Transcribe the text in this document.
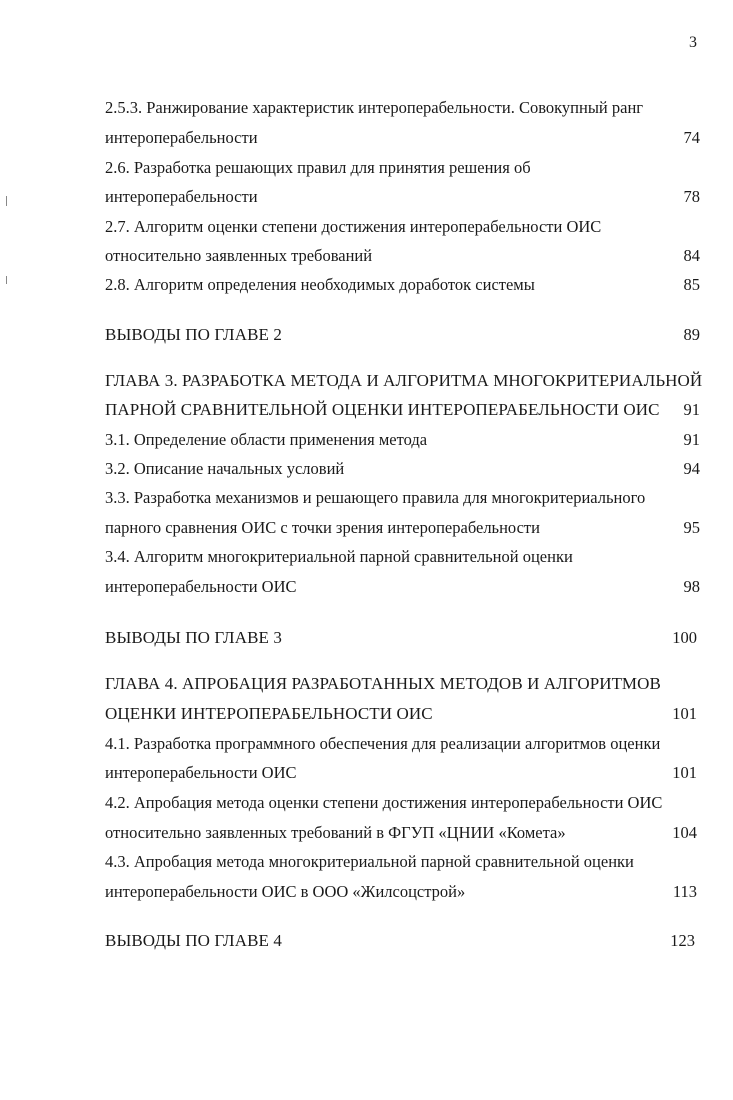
3
2.5.3. Ранжирование характеристик интероперабельности. Совокупный ранг
интероперабельности	74
2.6. Разработка решающих правил для принятия решения об
интероперабельности	78
2.7. Алгоритм оценки степени достижения интероперабельности ОИС
относительно заявленных требований	84
2.8. Алгоритм определения необходимых доработок системы	85
ВЫВОДЫ ПО ГЛАВЕ 2	89
ГЛАВА 3. РАЗРАБОТКА МЕТОДА И АЛГОРИТМА МНОГОКРИТЕРИАЛЬНОЙ
ПАРНОЙ СРАВНИТЕЛЬНОЙ ОЦЕНКИ ИНТЕРОПЕРАБЕЛЬНОСТИ ОИС 91
3.1. Определение области применения метода	91
3.2. Описание начальных условий	94
3.3. Разработка механизмов и решающего правила для многокритериального
парного сравнения ОИС с точки зрения интероперабельности	95
3.4. Алгоритм многокритериальной парной сравнительной оценки
интероперабельности ОИС	98
ВЫВОДЫ ПО ГЛАВЕ 3	100
ГЛАВА 4. АПРОБАЦИЯ РАЗРАБОТАННЫХ МЕТОДОВ И АЛГОРИТМОВ
ОЦЕНКИ ИНТЕРОПЕРАБЕЛЬНОСТИ ОИС	101
4.1. Разработка программного обеспечения для реализации алгоритмов оценки
интероперабельности ОИС	101
4.2. Апробация метода оценки степени достижения интероперабельности ОИС
относительно заявленных требований в ФГУП «ЦНИИ «Комета»	104
4.3. Апробация метода многокритериальной парной сравнительной оценки
интероперабельности ОИС в ООО «Жилсоцстрой»	113
ВЫВОДЫ ПО ГЛАВЕ 4	123
